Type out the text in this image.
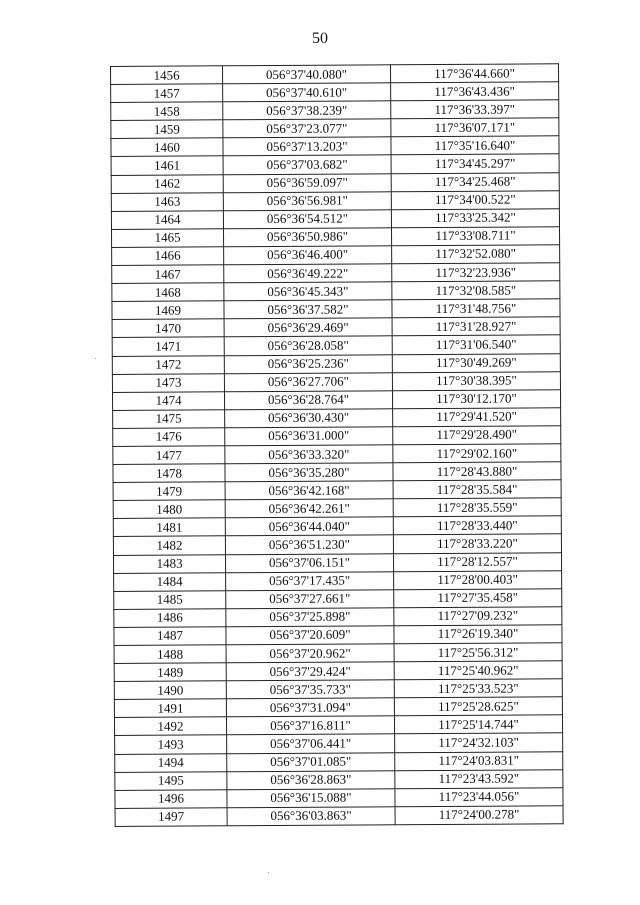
50
1456	056°37'40.080"	117°36'44.660"
1457	056°37'40.610"	117°36'43.436"
1458	056°37'38.239"	117°36'33.397"
1459	056°37'23.077"	117°36'07.171"
1460	056°37'13.203"	117°35'16.640"
1461	056°37'03.682"	117°34'45.297"
1462	056°36'59.097"	117°34'25.468"
1463	056°36'56.981"	117°34'00.522"
1464	056°36'54.512"	117°33'25.342"
1465	056°36'50.986"	117°33'08.711"
1466	056°36'46.400"	117°32'52.080"
1467	056°36'49.222"	117°32'23.936"
1468	056°36'45.343"	117°32'08.585"
1469	056°36'37.582"	117°31'48.756"
1470	056°36'29.469"	117°31'28.927"
1471	056°36'28.058"	117°31'06.540"
1472	056°36'25.236"	117°30'49.269"
1473	056°36'27.706"	117°30'38.395"
1474	056°36'28.764"	117°30'12.170"
1475	056°36'30.430"	117°29'41.520"
1476	056°36'31.000"	117°29'28.490"
1477	056°36'33.320"	117°29'02.160"
1478	056°36'35.280"	117°28'43.880"
1479	056°36'42.168"	117°28'35.584"
1480	056°36'42.261"	117°28'35.559"
1481	056°36'44.040"	117°28'33.440"
1482	056°36'51.230"	117°28'33.220"
1483	056°37'06.151"	117°28'12.557"
1484	056°37'17.435"	117°28'00.403"
1485	056°37'27.661"	117°27'35.458"
1486	056°37'25.898"	117°27'09.232"
1487	056°37'20.609"	117°26'19.340"
1488	056°37'20.962"	117°25'56.312"
1489	056°37'29.424"	117°25'40.962"
1490	056°37'35.733"	117°25'33.523"
1491	056°37'31.094"	117°25'28.625"
1492	056°37'16.811"	117°25'14.744"
1493	056°37'06.441"	117°24'32.103"
1494	056°37'01.085"	117°24'03.831"
1495	056°36'28.863"	117°23'43.592"
1496	056°36'15.088"	117°23'44.056"
1497	056°36'03.863"	117°24'00.278"
